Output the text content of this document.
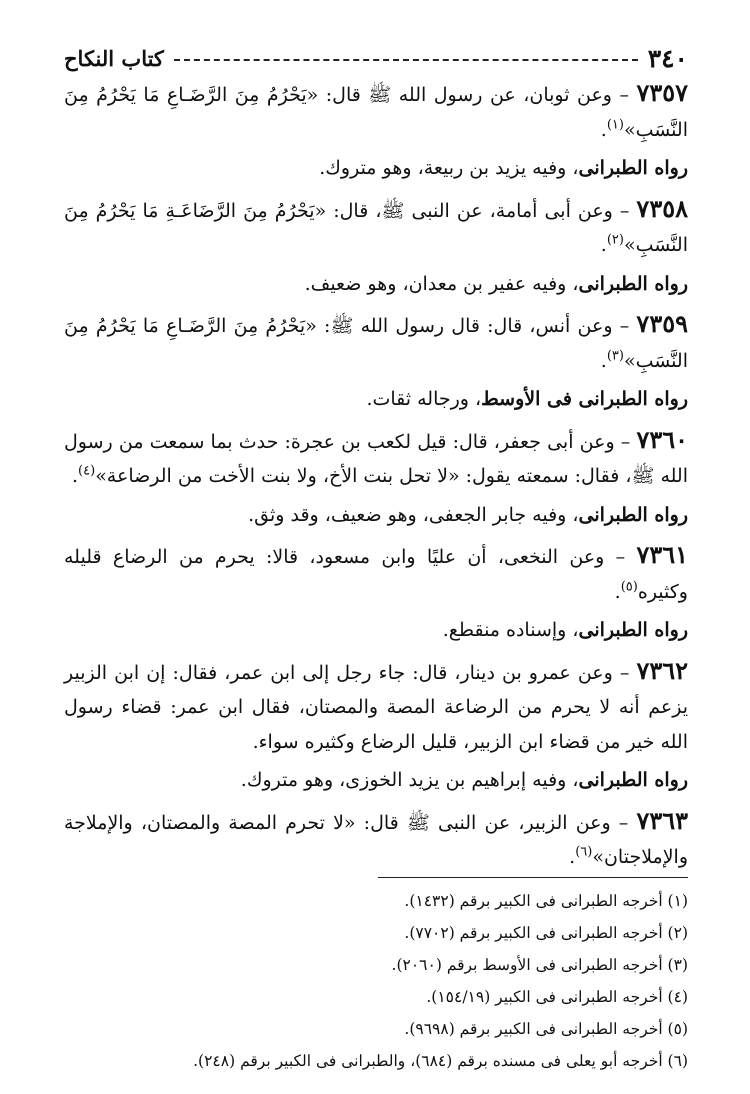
٣٤٠
كتاب النكاح

٧٣٥٧ – وعن ثوبان، عن رسول الله ﷺ قال: «يَحْرُمُ مِنَ الرَّضَـاعِ مَا يَحْرُمُ مِنَ النَّسَبِ»$^{(١)}$.

رواه الطبرانى، وفيه يزيد بن ربيعة، وهو متروك.

٧٣٥٨ – وعن أبى أمامة، عن النبى ﷺ، قال: «يَحْرُمُ مِنَ الرَّضَاعَـةِ مَا يَحْرُمُ مِنَ النَّسَبِ»$^{(٢)}$.

رواه الطبرانى، وفيه عفير بن معدان، وهو ضعيف.

٧٣٥٩ – وعن أنس، قال: قال رسول الله ﷺ: «يَحْرُمُ مِنَ الرَّضَـاعِ مَا يَحْرُمُ مِنَ النَّسَبِ»$^{(٣)}$.

رواه الطبرانى فى الأوسط، ورجاله ثقات.

٧٣٦٠ – وعن أبى جعفر، قال: قيل لكعب بن عجرة: حدث بما سمعت من رسول الله ﷺ، فقال: سمعته يقول: «لا تحل بنت الأخ، ولا بنت الأخت من الرضاعة»$^{(٤)}$.

رواه الطبرانى، وفيه جابر الجعفى، وهو ضعيف، وقد وثق.

٧٣٦١ – وعن النخعى، أن عليًا وابن مسعود، قالا: يحرم من الرضاع قليله وكثيره$^{(٥)}$.

رواه الطبرانى، وإسناده منقطع.

٧٣٦٢ – وعن عمرو بن دينار، قال: جاء رجل إلى ابن عمر، فقال: إن ابن الزبير يزعم أنه لا يحرم من الرضاعة المصة والمصتان، فقال ابن عمر: قضاء رسول الله خير من قضاء ابن الزبير، قليل الرضاع وكثيره سواء.

رواه الطبرانى، وفيه إبراهيم بن يزيد الخوزى، وهو متروك.

٧٣٦٣ – وعن الزبير، عن النبى ﷺ قال: «لا تحرم المصة والمصتان، والإملاجة والإملاجتان»$^{(٦)}$.

(١) أخرجه الطبرانى فى الكبير برقم (١٤٣٢).
(٢) أخرجه الطبرانى فى الكبير برقم (٧٧٠٢).
(٣) أخرجه الطبرانى فى الأوسط برقم (٢٠٦٠).
(٤) أخرجه الطبرانى فى الكبير (١٥٤/١٩).
(٥) أخرجه الطبرانى فى الكبير برقم (٩٦٩٨).
(٦) أخرجه أبو يعلى فى مسنده برقم (٦٨٤)، والطبرانى فى الكبير برقم (٢٤٨).
